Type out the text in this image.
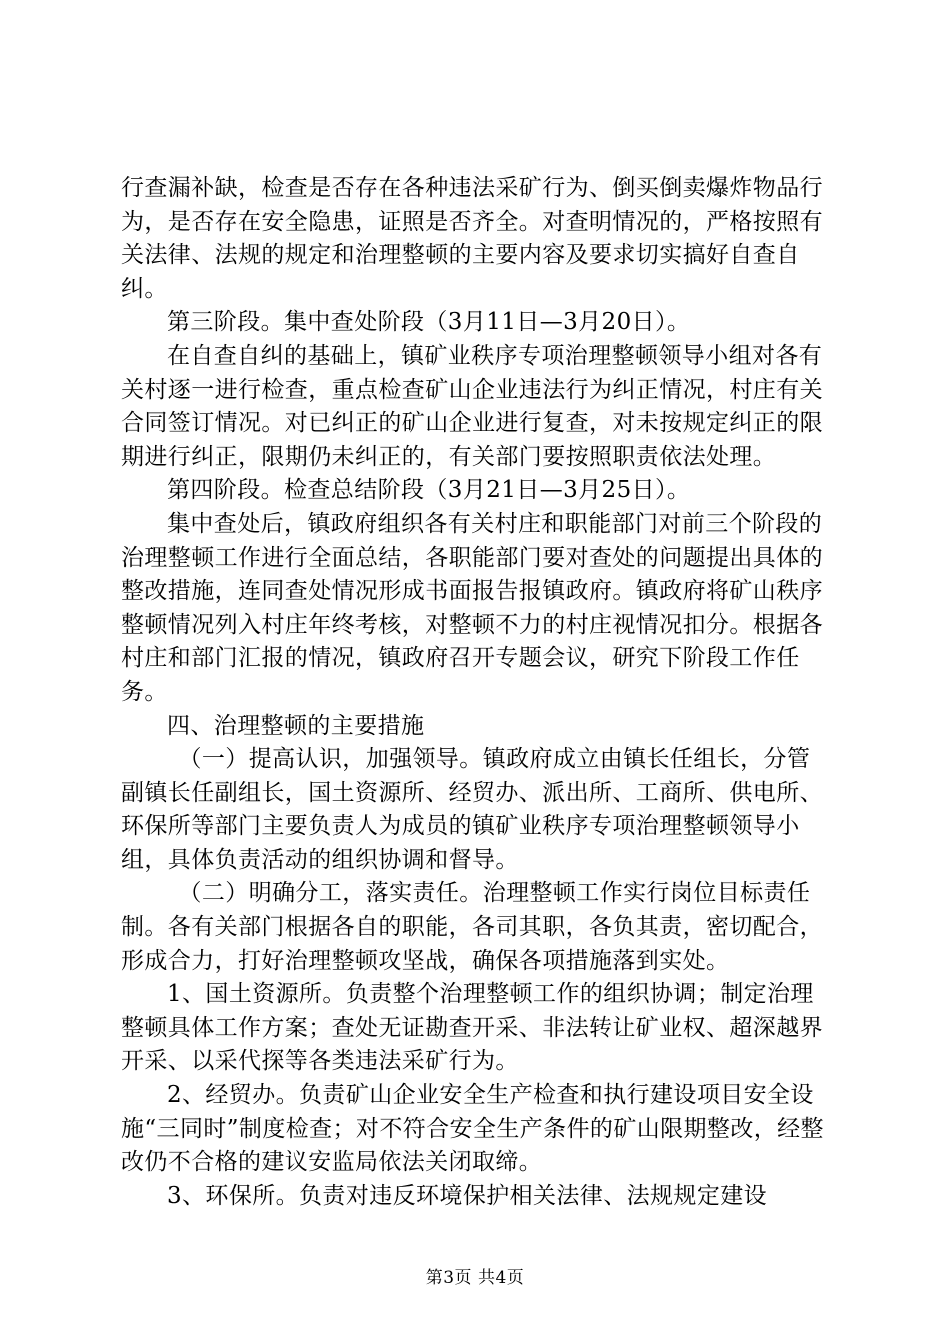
行查漏补缺，检查是否存在各种违法采矿行为、倒买倒卖爆炸物品行为，是否存在安全隐患，证照是否齐全。对查明情况的，严格按照有关法律、法规的规定和治理整顿的主要内容及要求切实搞好自查自纠。

第三阶段。集中查处阶段（3月11日—3月20日）。

在自查自纠的基础上，镇矿业秩序专项治理整顿领导小组对各有关村逐一进行检查，重点检查矿山企业违法行为纠正情况，村庄有关合同签订情况。对已纠正的矿山企业进行复查，对未按规定纠正的限期进行纠正，限期仍未纠正的，有关部门要按照职责依法处理。

第四阶段。检查总结阶段（3月21日—3月25日）。

集中查处后，镇政府组织各有关村庄和职能部门对前三个阶段的治理整顿工作进行全面总结，各职能部门要对查处的问题提出具体的整改措施，连同查处情况形成书面报告报镇政府。镇政府将矿山秩序整顿情况列入村庄年终考核，对整顿不力的村庄视情况扣分。根据各村庄和部门汇报的情况，镇政府召开专题会议，研究下阶段工作任务。

四、治理整顿的主要措施

（一）提高认识，加强领导。镇政府成立由镇长任组长，分管副镇长任副组长，国土资源所、经贸办、派出所、工商所、供电所、环保所等部门主要负责人为成员的镇矿业秩序专项治理整顿领导小组，具体负责活动的组织协调和督导。

（二）明确分工，落实责任。治理整顿工作实行岗位目标责任制。各有关部门根据各自的职能，各司其职，各负其责，密切配合，形成合力，打好治理整顿攻坚战，确保各项措施落到实处。

1、国土资源所。负责整个治理整顿工作的组织协调；制定治理整顿具体工作方案；查处无证勘查开采、非法转让矿业权、超深越界开采、以采代探等各类违法采矿行为。

2、经贸办。负责矿山企业安全生产检查和执行建设项目安全设施“三同时”制度检查；对不符合安全生产条件的矿山限期整改，经整改仍不合格的建议安监局依法关闭取缔。

3、环保所。负责对违反环境保护相关法律、法规规定建设

第3页 共4页
